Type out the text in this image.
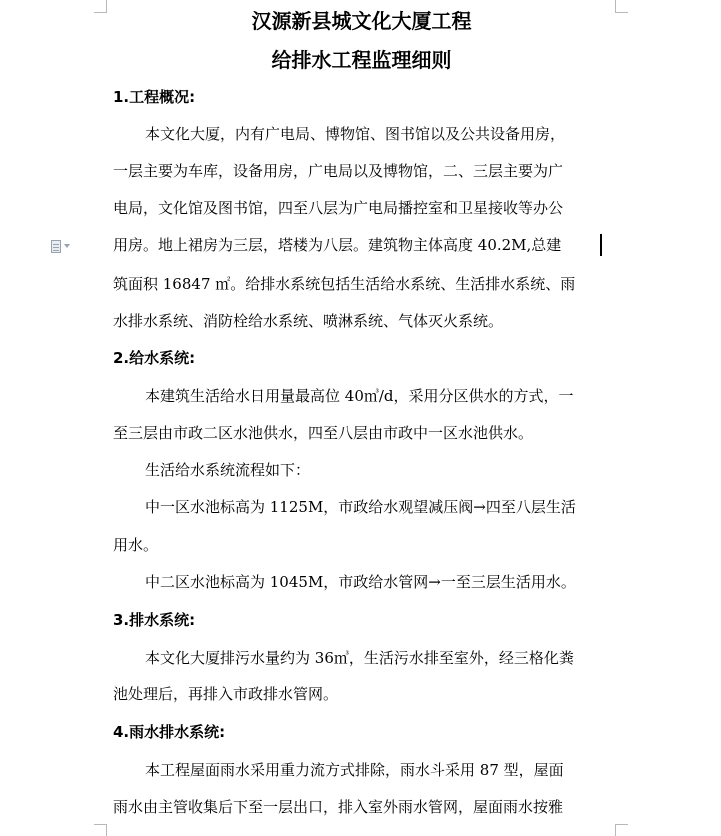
汉源新县城文化大厦工程
给排水工程监理细则
1.工程概况:
本文化大厦，内有广电局、博物馆、图书馆以及公共设备用房，
一层主要为车库，设备用房，广电局以及博物馆，二、三层主要为广
电局，文化馆及图书馆，四至八层为广电局播控室和卫星接收等办公
用房。地上裙房为三层，塔楼为八层。建筑物主体高度 40.2M,总建
筑面积 16847 ㎡。给排水系统包括生活给水系统、生活排水系统、雨
水排水系统、消防栓给水系统、喷淋系统、气体灭火系统。
2.给水系统:
本建筑生活给水日用量最高位 40㎥/d，采用分区供水的方式，一
至三层由市政二区水池供水，四至八层由市政中一区水池供水。
生活给水系统流程如下：
中一区水池标高为 1125M，市政给水观望减压阀→四至八层生活
用水。
中二区水池标高为 1045M，市政给水管网→一至三层生活用水。
3.排水系统:
本文化大厦排污水量约为 36㎥，生活污水排至室外，经三格化粪
池处理后，再排入市政排水管网。
4.雨水排水系统:
本工程屋面雨水采用重力流方式排除，雨水斗采用 87 型，屋面
雨水由主管收集后下至一层出口，排入室外雨水管网，屋面雨水按雅
